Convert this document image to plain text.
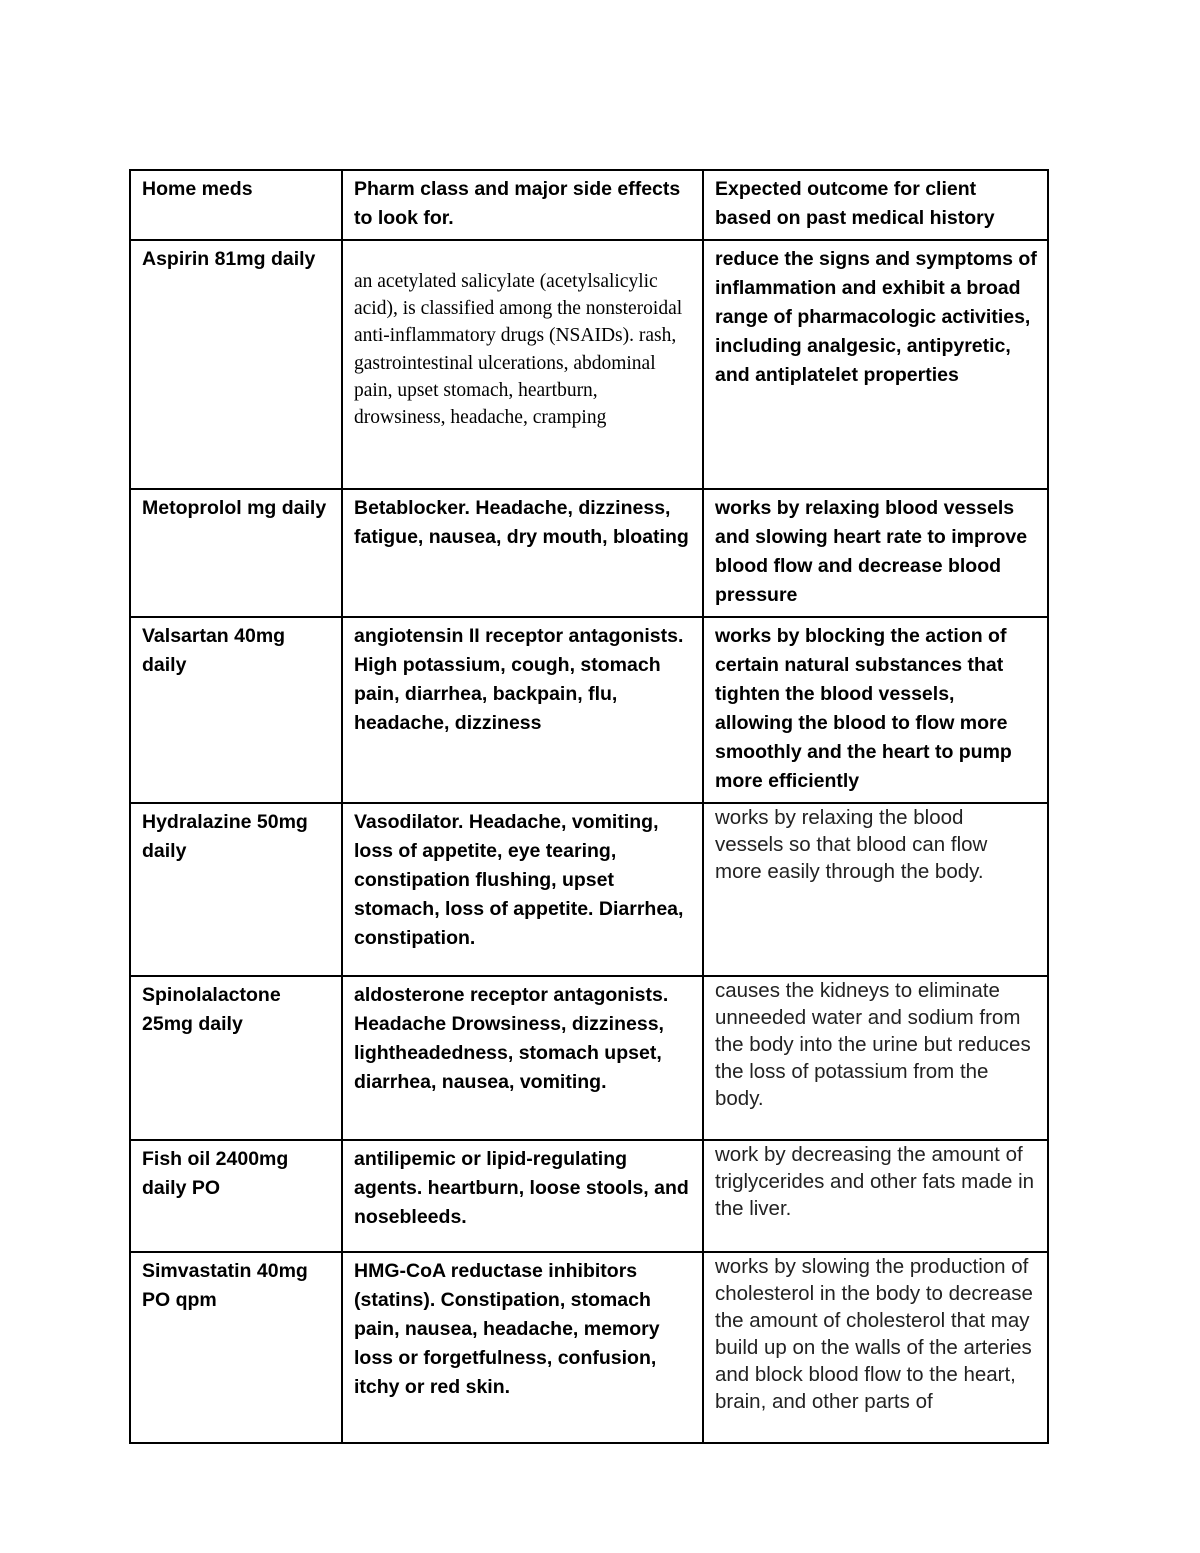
Home meds	Pharm class and major side effects to look for.	Expected outcome for client based on past medical history
Aspirin 81mg daily	an acetylated salicylate (acetylsalicylic acid), is classified among the nonsteroidal anti-inflammatory drugs (NSAIDs). rash, gastrointestinal ulcerations, abdominal pain, upset stomach, heartburn, drowsiness, headache, cramping	reduce the signs and symptoms of inflammation and exhibit a broad range of pharmacologic activities, including analgesic, antipyretic, and antiplatelet properties
Metoprolol mg daily	Betablocker. Headache, dizziness, fatigue, nausea, dry mouth, bloating	works by relaxing blood vessels and slowing heart rate to improve blood flow and decrease blood pressure
Valsartan 40mg daily	angiotensin II receptor antagonists. High potassium, cough, stomach pain, diarrhea, backpain, flu, headache, dizziness	works by blocking the action of certain natural substances that tighten the blood vessels, allowing the blood to flow more smoothly and the heart to pump more efficiently
Hydralazine 50mg daily	Vasodilator. Headache, vomiting, loss of appetite, eye tearing, constipation flushing, upset stomach, loss of appetite. Diarrhea, constipation.	works by relaxing the blood vessels so that blood can flow more easily through the body.
Spinolalactone 25mg daily	aldosterone receptor antagonists. Headache Drowsiness, dizziness, lightheadedness, stomach upset, diarrhea, nausea, vomiting.	causes the kidneys to eliminate unneeded water and sodium from the body into the urine but reduces the loss of potassium from the body.
Fish oil 2400mg daily PO	antilipemic or lipid-regulating agents. heartburn, loose stools, and nosebleeds.	work by decreasing the amount of triglycerides and other fats made in the liver.
Simvastatin 40mg PO qpm	HMG-CoA reductase inhibitors (statins). Constipation, stomach pain, nausea, headache, memory loss or forgetfulness, confusion, itchy or red skin.	works by slowing the production of cholesterol in the body to decrease the amount of cholesterol that may build up on the walls of the arteries and block blood flow to the heart, brain, and other parts of
